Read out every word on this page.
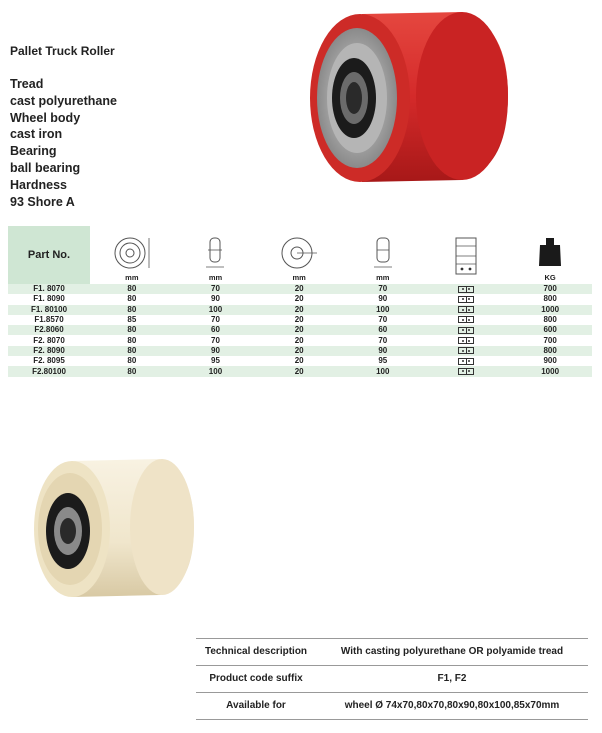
Pallet Truck Roller
Tread
cast polyurethane
Wheel body
cast iron
Bearing
ball bearing
Hardness
93 Shore A
Part No.	mm	mm	mm	mm		KG

F1. 8070	80	70	20	70		700
F1. 8090	80	90	20	90		800
F1. 80100	80	100	20	100		1000
F1.8570	85	70	20	70		800
F2.8060	80	60	20	60		600
F2. 8070	80	70	20	70		700
F2. 8090	80	90	20	90		800
F2. 8095	80	95	20	95		900
F2.80100	80	100	20	100		1000
Technical description	With casting polyurethane OR polyamide tread
Product code suffix	F1, F2
Available for	wheel Ø 74x70,80x70,80x90,80x100,85x70mm
